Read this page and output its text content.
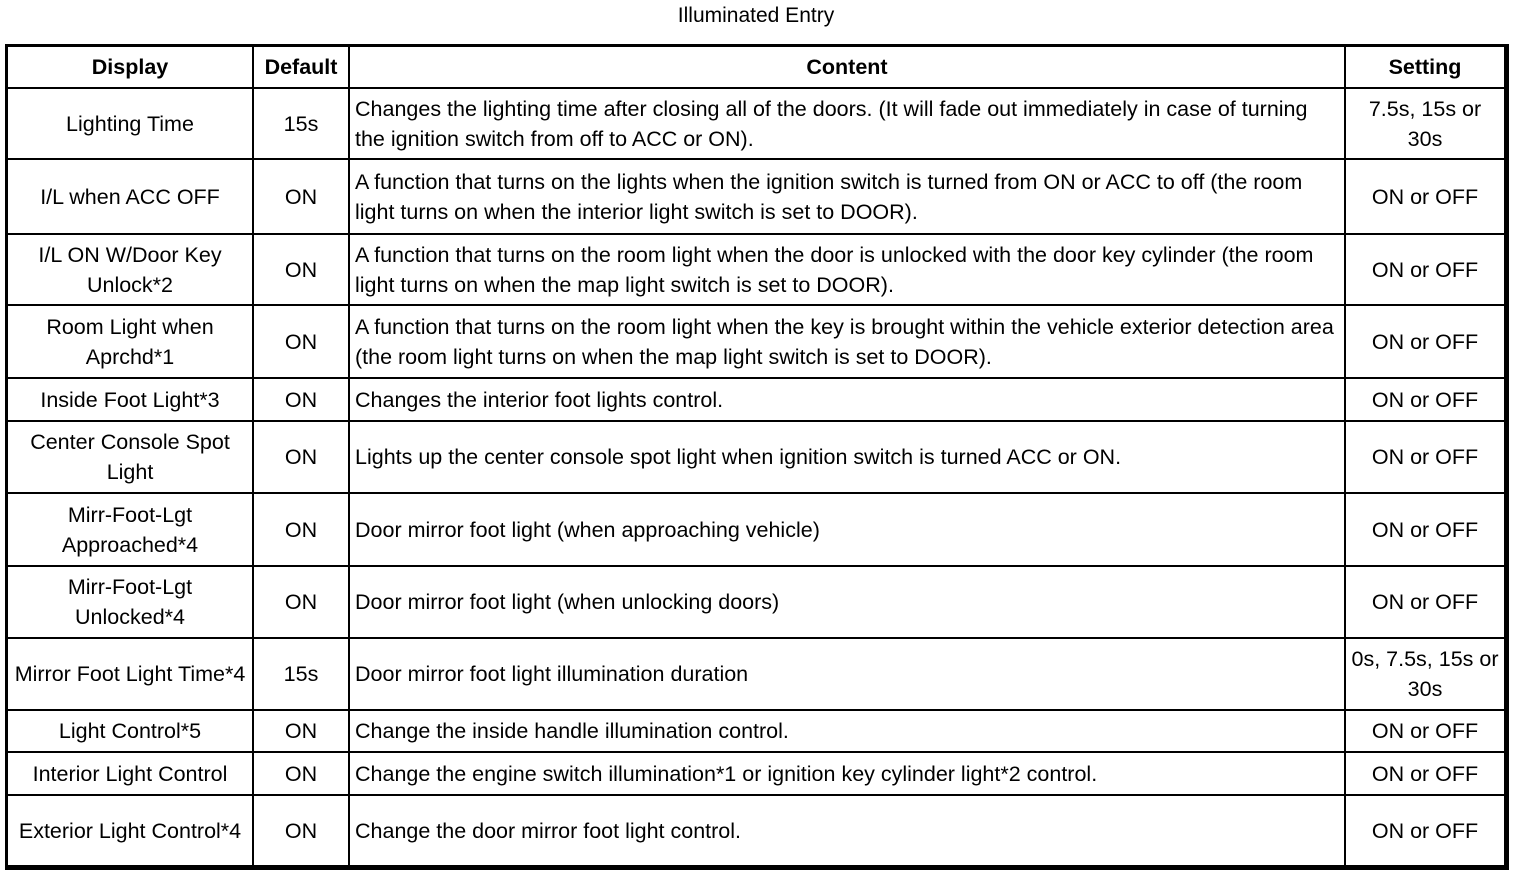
Illuminated Entry
Display	Default	Content	Setting
Lighting Time	15s	Changes the lighting time after closing all of the doors. (It will fade out immediately in case of turning the ignition switch from off to ACC or ON).	7.5s, 15s or 30s
I/L when ACC OFF	ON	A function that turns on the lights when the ignition switch is turned from ON or ACC to off (the room light turns on when the interior light switch is set to DOOR).	ON or OFF
I/L ON W/Door Key Unlock*2	ON	A function that turns on the room light when the door is unlocked with the door key cylinder (the room light turns on when the map light switch is set to DOOR).	ON or OFF
Room Light when Aprchd*1	ON	A function that turns on the room light when the key is brought within the vehicle exterior detection area (the room light turns on when the map light switch is set to DOOR).	ON or OFF
Inside Foot Light*3	ON	Changes the interior foot lights control.	ON or OFF
Center Console Spot Light	ON	Lights up the center console spot light when ignition switch is turned ACC or ON.	ON or OFF
Mirr-Foot-Lgt Approached*4	ON	Door mirror foot light (when approaching vehicle)	ON or OFF
Mirr-Foot-Lgt Unlocked*4	ON	Door mirror foot light (when unlocking doors)	ON or OFF
Mirror Foot Light Time*4	15s	Door mirror foot light illumination duration	0s, 7.5s, 15s or 30s
Light Control*5	ON	Change the inside handle illumination control.	ON or OFF
Interior Light Control	ON	Change the engine switch illumination*1 or ignition key cylinder light*2 control.	ON or OFF
Exterior Light Control*4	ON	Change the door mirror foot light control.	ON or OFF
